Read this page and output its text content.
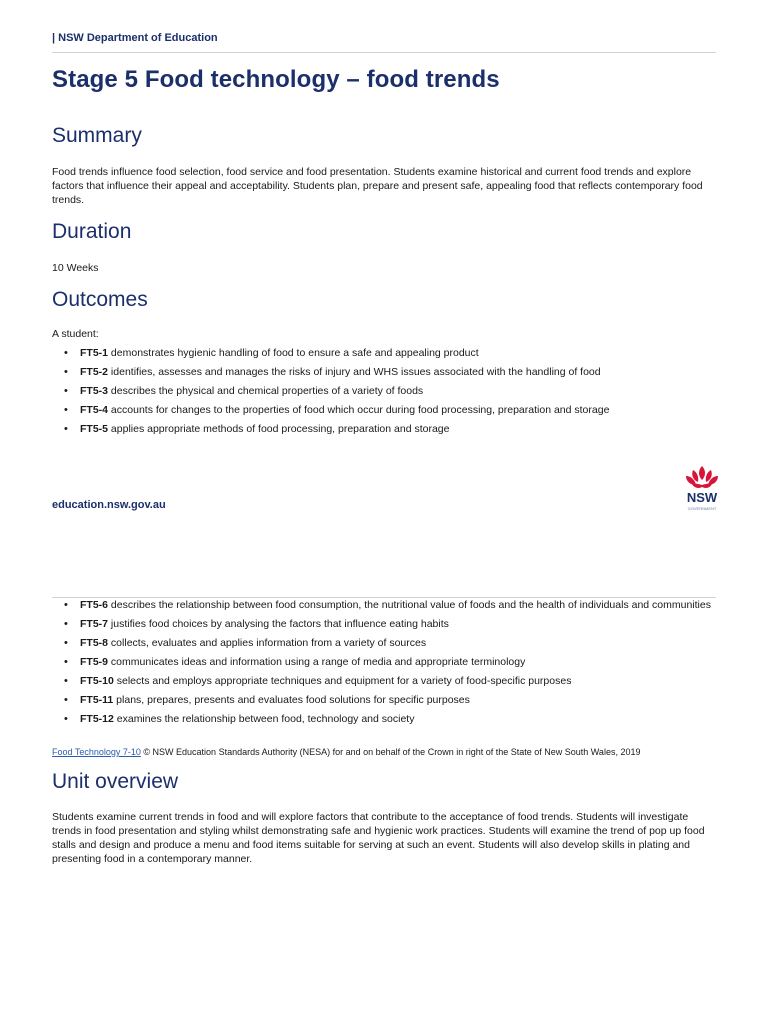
| NSW Department of Education
Stage 5 Food technology – food trends
Summary

Food trends influence food selection, food service and food presentation. Students examine historical and current food trends and explore factors that influence their appeal and acceptability. Students plan, prepare and present safe, appealing food that reflects contemporary food trends.

Duration

10 Weeks

Outcomes

A student:

• FT5-1 demonstrates hygienic handling of food to ensure a safe and appealing product
• FT5-2 identifies, assesses and manages the risks of injury and WHS issues associated with the handling of food
• FT5-3 describes the physical and chemical properties of a variety of foods
• FT5-4 accounts for changes to the properties of food which occur during food processing, preparation and storage
• FT5-5 applies appropriate methods of food processing, preparation and storage
education.nsw.gov.au	NSW
GOVERNMENT
• FT5-6 describes the relationship between food consumption, the nutritional value of foods and the health of individuals and communities
• FT5-7 justifies food choices by analysing the factors that influence eating habits
• FT5-8 collects, evaluates and applies information from a variety of sources
• FT5-9 communicates ideas and information using a range of media and appropriate terminology
• FT5-10 selects and employs appropriate techniques and equipment for a variety of food-specific purposes
• FT5-11 plans, prepares, presents and evaluates food solutions for specific purposes
• FT5-12 examines the relationship between food, technology and society

Food Technology 7-10 © NSW Education Standards Authority (NESA) for and on behalf of the Crown in right of the State of New South Wales, 2019

Unit overview

Students examine current trends in food and will explore factors that contribute to the acceptance of food trends. Students will investigate trends in food presentation and styling whilst demonstrating safe and hygienic work practices. Students will examine the trend of pop up food stalls and design and produce a menu and food items suitable for serving at such an event. Students will also develop skills in plating and presenting food in a contemporary manner.
